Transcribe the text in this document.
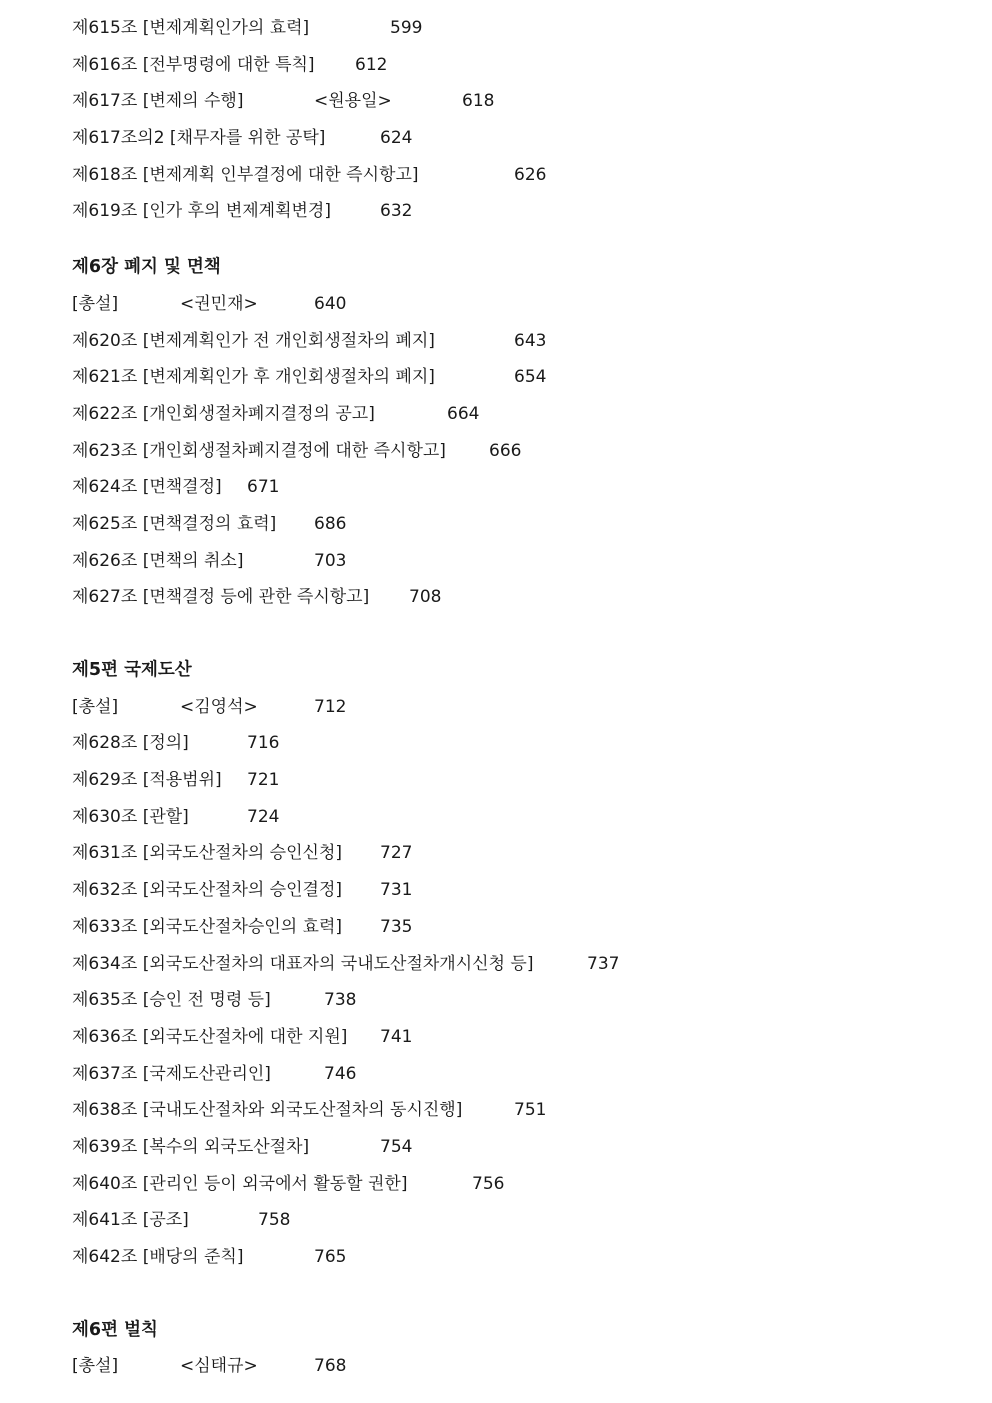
제615조 [변제계획인가의 효력]	599
제616조 [전부명령에 대한 특칙] 612
제617조 [변제의 수행]	<원용일>	618
제617조의2 [채무자를 위한 공탁]	624
제618조 [변제계획 인부결정에 대한 즉시항고]	626
제619조 [인가 후의 변제계획변경]	632
제6장 폐지 및 면책
[총설]	<권민재>	640
제620조 [변제계획인가 전 개인회생절차의 폐지]	643
제621조 [변제계획인가 후 개인회생절차의 폐지]	654
제622조 [개인회생절차폐지결정의 공고]	664
제623조 [개인회생절차폐지결정에 대한 즉시항고]	666
제624조 [면책결정] 671
제625조 [면책결정의 효력] 686
제626조 [면책의 취소]	703
제627조 [면책결정 등에 관한 즉시항고] 708
제5편 국제도산
[총설]	<김영석>	712
제628조 [정의]	716
제629조 [적용범위] 721
제630조 [관할]	724
제631조 [외국도산절차의 승인신청] 727
제632조 [외국도산절차의 승인결정] 731
제633조 [외국도산절차승인의 효력] 735
제634조 [외국도산절차의 대표자의 국내도산절차개시신청 등]	737
제635조 [승인 전 명령 등]	738
제636조 [외국도산절차에 대한 지원] 741
제637조 [국제도산관리인]	746
제638조 [국내도산절차와 외국도산절차의 동시진행]	751
제639조 [복수의 외국도산절차]	754
제640조 [관리인 등이 외국에서 활동할 권한]	756
제641조 [공조]	758
제642조 [배당의 준칙]	765
제6편 벌칙
[총설]	<심태규>	768
